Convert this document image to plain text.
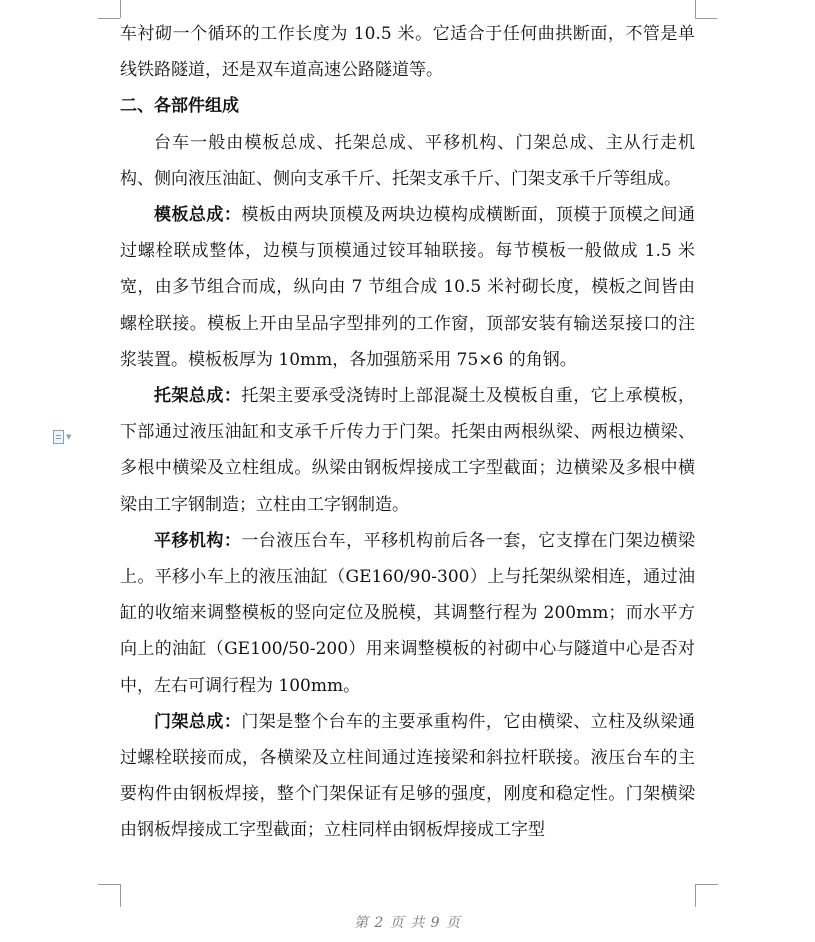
▼

车衬砌一个循环的工作长度为 10.5 米。它适合于任何曲拱断面，不管是单线铁路隧道，还是双车道高速公路隧道等。

二、各部件组成

台车一般由模板总成、托架总成、平移机构、门架总成、主从行走机构、侧向液压油缸、侧向支承千斤、托架支承千斤、门架支承千斤等组成。

模板总成：模板由两块顶模及两块边模构成横断面，顶模于顶模之间通过螺栓联成整体，边模与顶模通过铰耳轴联接。每节模板一般做成 1.5 米宽，由多节组合而成，纵向由 7 节组合成 10.5 米衬砌长度，模板之间皆由螺栓联接。模板上开由呈品字型排列的工作窗，顶部安装有输送泵接口的注浆装置。模板板厚为 10mm，各加强筋采用 75×6 的角钢。

托架总成：托架主要承受浇铸时上部混凝土及模板自重，它上承模板，下部通过液压油缸和支承千斤传力于门架。托架由两根纵梁、两根边横梁、多根中横梁及立柱组成。纵梁由钢板焊接成工字型截面；边横梁及多根中横梁由工字钢制造；立柱由工字钢制造。

平移机构：一台液压台车，平移机构前后各一套，它支撑在门架边横梁上。平移小车上的液压油缸（GE160/90-300）上与托架纵梁相连，通过油缸的收缩来调整模板的竖向定位及脱模，其调整行程为 200mm；而水平方向上的油缸（GE100/50-200）用来调整模板的衬砌中心与隧道中心是否对中，左右可调行程为 100mm。

门架总成：门架是整个台车的主要承重构件，它由横梁、立柱及纵梁通过螺栓联接而成，各横梁及立柱间通过连接梁和斜拉杆联接。液压台车的主要构件由钢板焊接，整个门架保证有足够的强度，刚度和稳定性。门架横梁由钢板焊接成工字型截面；立柱同样由钢板焊接成工字型

第 2 页 共 9 页
